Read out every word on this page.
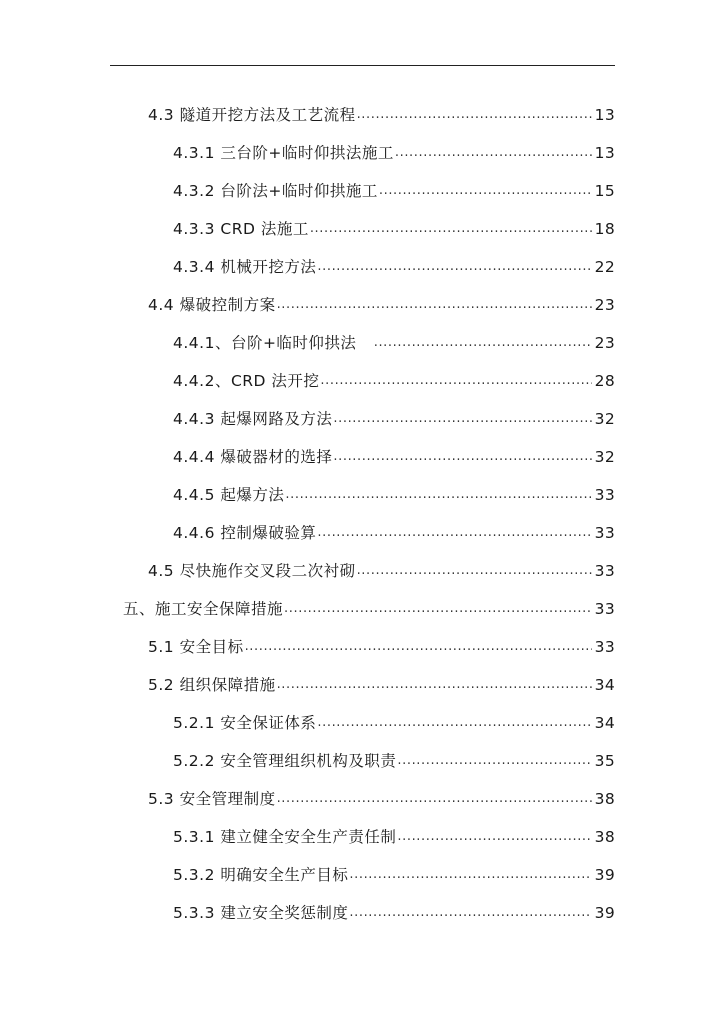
4.3 隧道开挖方法及工艺流程 .....	13
4.3.1 三台阶+临时仰拱法施工 .....	13
4.3.2 台阶法+临时仰拱施工 .....	15
4.3.3 CRD 法施工 .....	18
4.3.4 机械开挖方法 .....	22
4.4 爆破控制方案 .....	23
4.4.1、台阶+临时仰拱法 .....	23
4.4.2、CRD 法开挖 .....	28
4.4.3 起爆网路及方法 .....	32
4.4.4 爆破器材的选择 .....	32
4.4.5 起爆方法 .....	33
4.4.6 控制爆破验算 .....	33
4.5 尽快施作交叉段二次衬砌 .....	33
五、施工安全保障措施 .....	33
5.1 安全目标 .....	33
5.2 组织保障措施 .....	34
5.2.1 安全保证体系 .....	34
5.2.2 安全管理组织机构及职责 .....	35
5.3 安全管理制度 .....	38
5.3.1 建立健全安全生产责任制 .....	38
5.3.2 明确安全生产目标 .....	39
5.3.3 建立安全奖惩制度 .....	39
